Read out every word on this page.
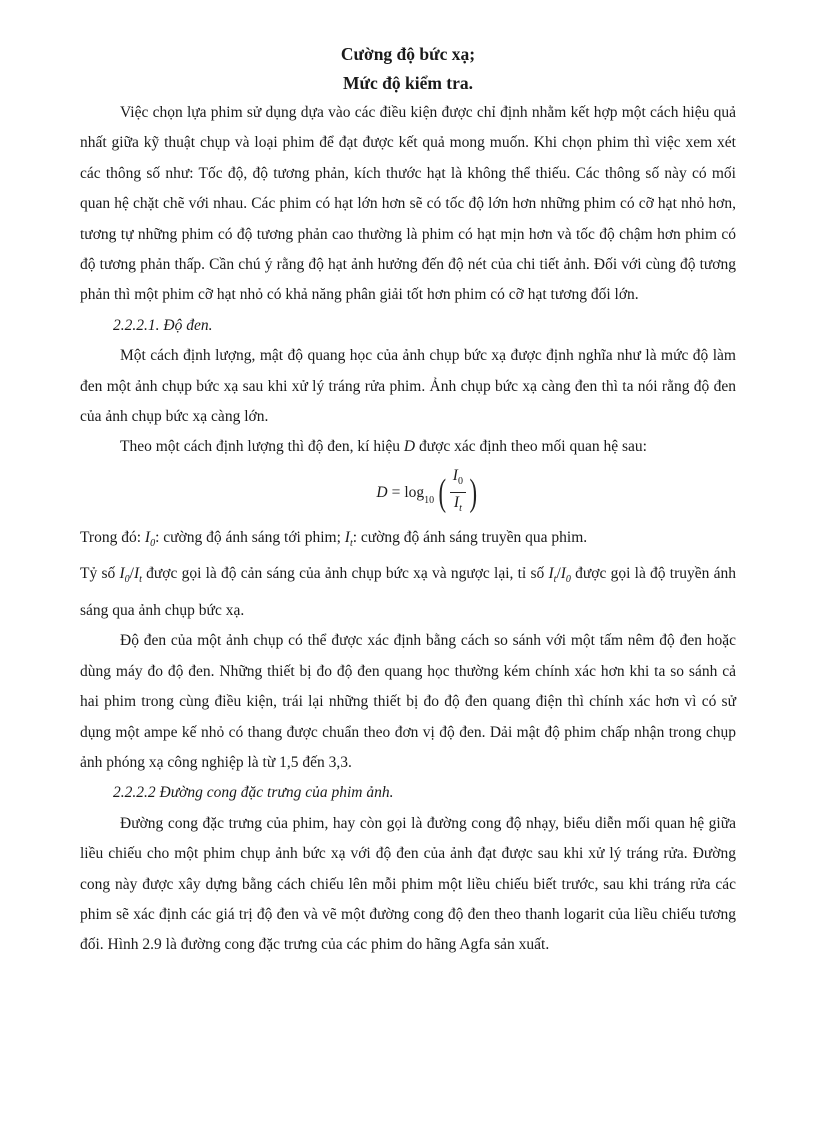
Cường độ bức xạ;

Mức độ kiểm tra.

Việc chọn lựa phim sử dụng dựa vào các điều kiện được chỉ định nhằm kết hợp một cách hiệu quả nhất giữa kỹ thuật chụp và loại phim để đạt được kết quả mong muốn. Khi chọn phim thì việc xem xét các thông số như: Tốc độ, độ tương phản, kích thước hạt là không thể thiếu. Các thông số này có mối quan hệ chặt chẽ với nhau. Các phim có hạt lớn hơn sẽ có tốc độ lớn hơn những phim có cỡ hạt nhỏ hơn, tương tự những phim có độ tương phản cao thường là phim có hạt mịn hơn và tốc độ chậm hơn phim có độ tương phản thấp. Cần chú ý rằng độ hạt ảnh hưởng đến độ nét của chi tiết ảnh. Đối với cùng độ tương phản thì một phim cỡ hạt nhỏ có khả năng phân giải tốt hơn phim có cỡ hạt tương đối lớn.

2.2.2.1. Độ đen.

Một cách định lượng, mật độ quang học của ảnh chụp bức xạ được định nghĩa như là mức độ làm đen một ảnh chụp bức xạ sau khi xử lý tráng rửa phim. Ảnh chụp bức xạ càng đen thì ta nói rằng độ đen của ảnh chụp bức xạ càng lớn.

Theo một cách định lượng thì độ đen, kí hiệu D được xác định theo mối quan hệ sau:

$D = \log_{10}$ ( $\frac{I_0}{I_t}$ )

Trong đó: $I_0$: cường độ ánh sáng tới phim; $I_t$: cường độ ánh sáng truyền qua phim.

Tỷ số $I_0/I_t$ được gọi là độ cản sáng của ảnh chụp bức xạ và ngược lại, tỉ số $I_t/I_0$ được gọi là độ truyền ánh sáng qua ảnh chụp bức xạ.

Độ đen của một ảnh chụp có thể được xác định bằng cách so sánh với một tấm nêm độ đen hoặc dùng máy đo độ đen. Những thiết bị đo độ đen quang học thường kém chính xác hơn khi ta so sánh cả hai phim trong cùng điều kiện, trái lại những thiết bị đo độ đen quang điện thì chính xác hơn vì có sử dụng một ampe kế nhỏ có thang được chuẩn theo đơn vị độ đen. Dải mật độ phim chấp nhận trong chụp ảnh phóng xạ công nghiệp là từ 1,5 đến 3,3.

2.2.2.2 Đường cong đặc trưng của phim ảnh.

Đường cong đặc trưng của phim, hay còn gọi là đường cong độ nhạy, biểu diễn mối quan hệ giữa liều chiếu cho một phim chụp ảnh bức xạ với độ đen của ảnh đạt được sau khi xử lý tráng rửa. Đường cong này được xây dựng bằng cách chiếu lên mỗi phim một liều chiếu biết trước, sau khi tráng rửa các phim sẽ xác định các giá trị độ đen và vẽ một đường cong độ đen theo thanh logarit của liều chiếu tương đối. Hình 2.9 là đường cong đặc trưng của các phim do hãng Agfa sản xuất.
